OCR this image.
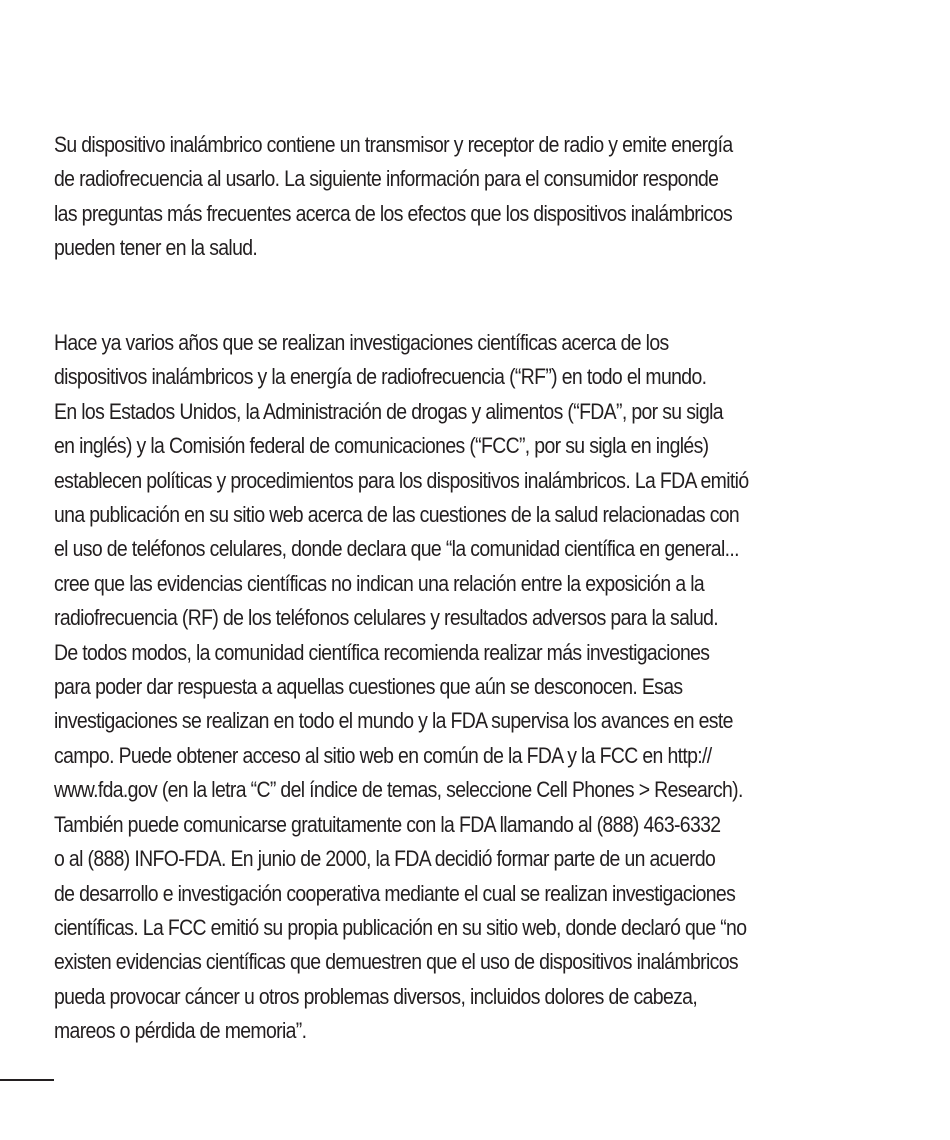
Su dispositivo inalámbrico contiene un transmisor y receptor de radio y emite energía
de radiofrecuencia al usarlo. La siguiente información para el consumidor responde
las preguntas más frecuentes acerca de los efectos que los dispositivos inalámbricos
pueden tener en la salud.

Hace ya varios años que se realizan investigaciones científicas acerca de los
dispositivos inalámbricos y la energía de radiofrecuencia (“RF”) en todo el mundo.
En los Estados Unidos, la Administración de drogas y alimentos (“FDA”, por su sigla
en inglés) y la Comisión federal de comunicaciones (“FCC”, por su sigla en inglés)
establecen políticas y procedimientos para los dispositivos inalámbricos. La FDA emitió
una publicación en su sitio web acerca de las cuestiones de la salud relacionadas con
el uso de teléfonos celulares, donde declara que “la comunidad científica en general...
cree que las evidencias científicas no indican una relación entre la exposición a la
radiofrecuencia (RF) de los teléfonos celulares y resultados adversos para la salud.
De todos modos, la comunidad científica recomienda realizar más investigaciones
para poder dar respuesta a aquellas cuestiones que aún se desconocen. Esas
investigaciones se realizan en todo el mundo y la FDA supervisa los avances en este
campo. Puede obtener acceso al sitio web en común de la FDA y la FCC en http://
www.fda.gov (en la letra “C” del índice de temas, seleccione Cell Phones > Research).
También puede comunicarse gratuitamente con la FDA llamando al (888) 463-6332
o al (888) INFO-FDA. En junio de 2000, la FDA decidió formar parte de un acuerdo
de desarrollo e investigación cooperativa mediante el cual se realizan investigaciones
científicas. La FCC emitió su propia publicación en su sitio web, donde declaró que “no
existen evidencias científicas que demuestren que el uso de dispositivos inalámbricos
pueda provocar cáncer u otros problemas diversos, incluidos dolores de cabeza,
mareos o pérdida de memoria”.
